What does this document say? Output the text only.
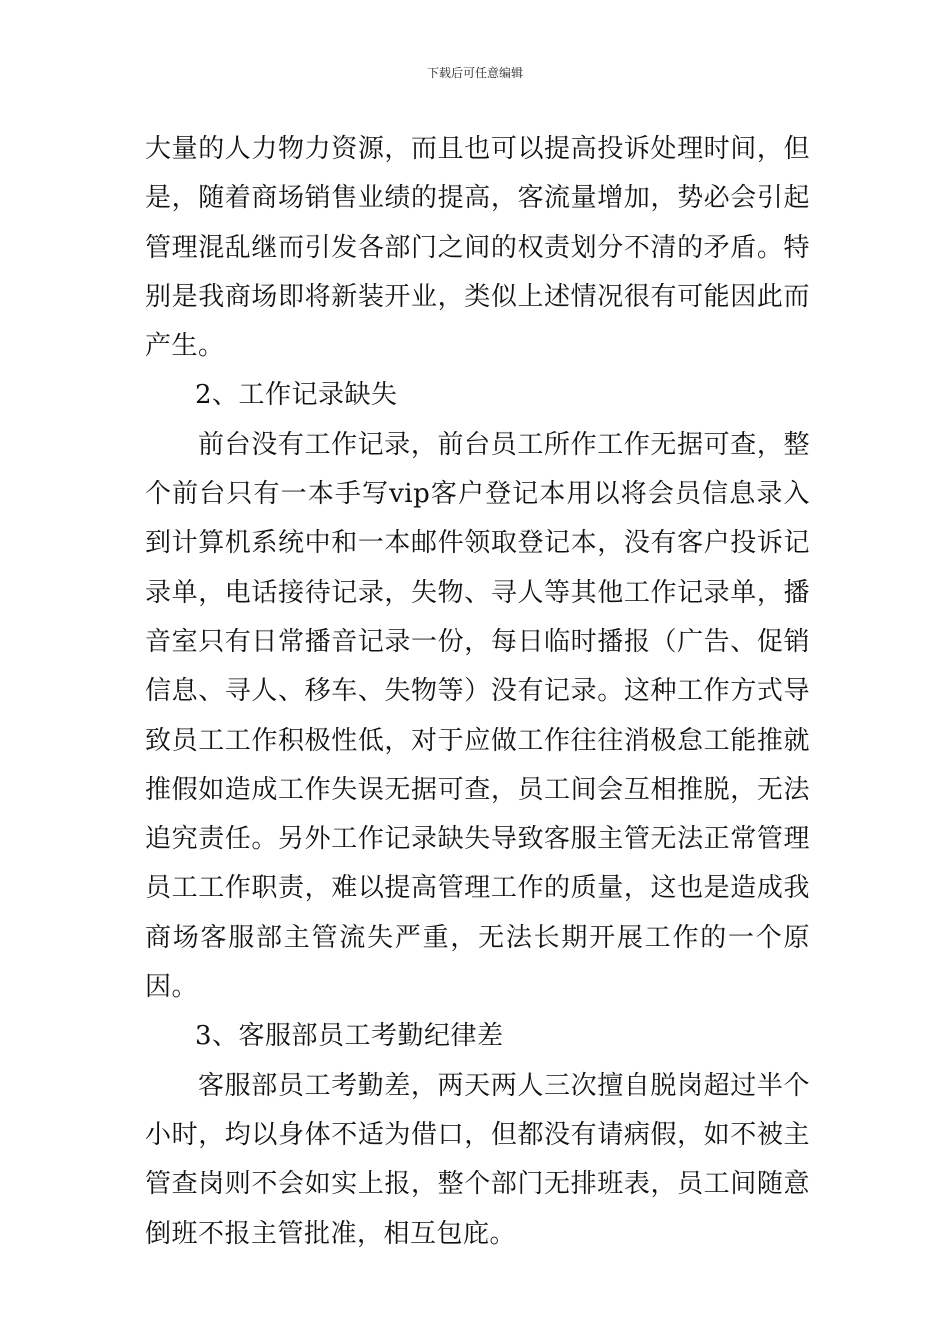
下载后可任意编辑

大量的人力物力资源，而且也可以提高投诉处理时间，但是，随着商场销售业绩的提高，客流量增加，势必会引起管理混乱继而引发各部门之间的权责划分不清的矛盾。特别是我商场即将新装开业，类似上述情况很有可能因此而产生。

2、工作记录缺失

前台没有工作记录，前台员工所作工作无据可查，整个前台只有一本手写vip客户登记本用以将会员信息录入到计算机系统中和一本邮件领取登记本，没有客户投诉记录单，电话接待记录，失物、寻人等其他工作记录单，播音室只有日常播音记录一份，每日临时播报（广告、促销信息、寻人、移车、失物等）没有记录。这种工作方式导致员工工作积极性低，对于应做工作往往消极怠工能推就推假如造成工作失误无据可查，员工间会互相推脱，无法追究责任。另外工作记录缺失导致客服主管无法正常管理员工工作职责，难以提高管理工作的质量，这也是造成我商场客服部主管流失严重，无法长期开展工作的一个原因。

3、客服部员工考勤纪律差

客服部员工考勤差，两天两人三次擅自脱岗超过半个小时，均以身体不适为借口，但都没有请病假，如不被主管查岗则不会如实上报，整个部门无排班表，员工间随意倒班不报主管批准，相互包庇。
